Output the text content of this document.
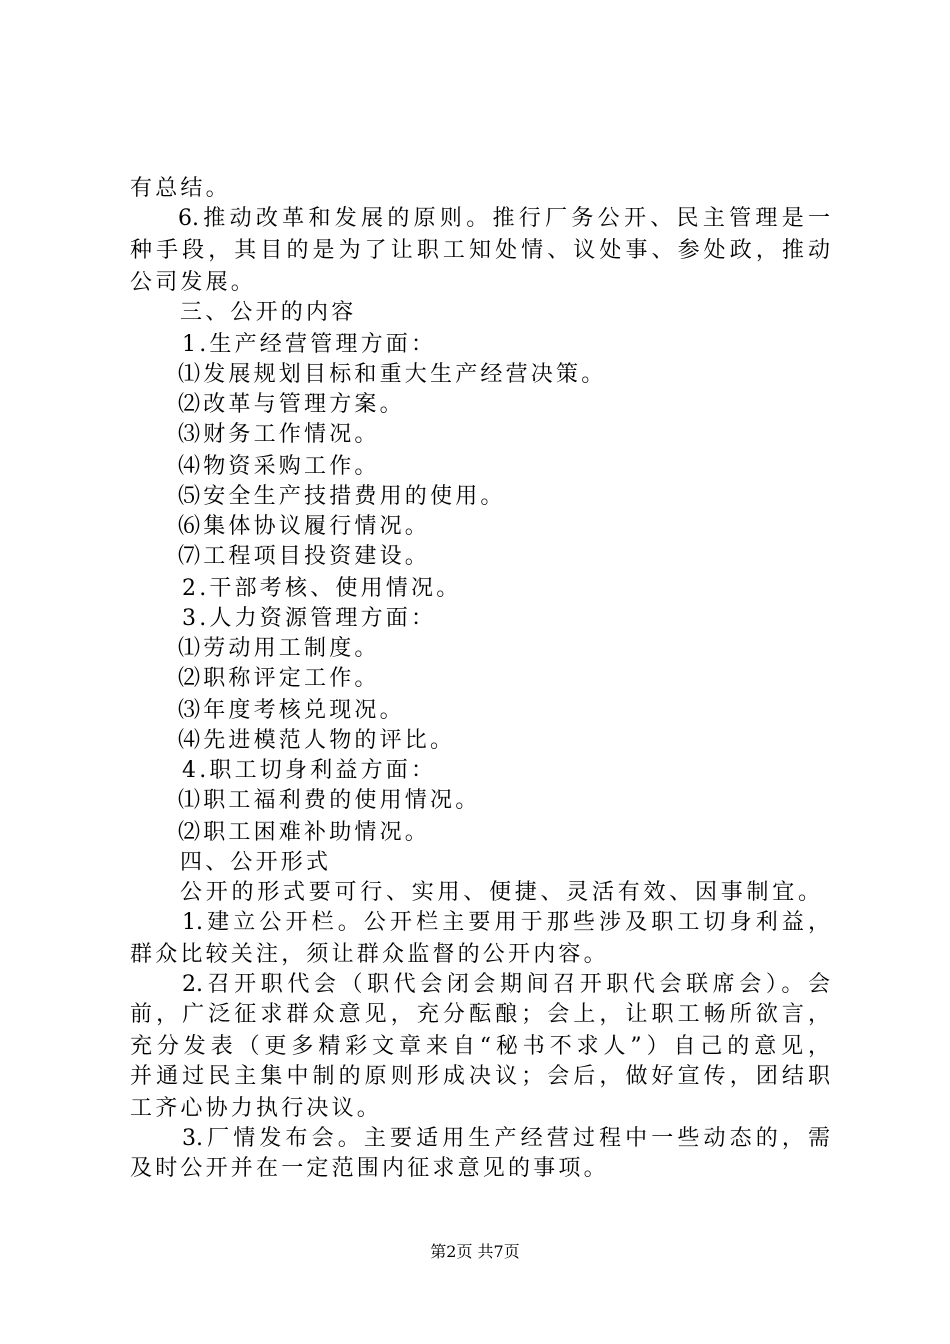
有总结。
6.推动改革和发展的原则。推行厂务公开、民主管理是一
种手段，其目的是为了让职工知处情、议处事、参处政，推动
公司发展。
三、公开的内容
1.生产经营管理方面：
⑴发展规划目标和重大生产经营决策。
⑵改革与管理方案。
⑶财务工作情况。
⑷物资采购工作。
⑸安全生产技措费用的使用。
⑹集体协议履行情况。
⑺工程项目投资建设。
2.干部考核、使用情况。
3.人力资源管理方面：
⑴劳动用工制度。
⑵职称评定工作。
⑶年度考核兑现况。
⑷先进模范人物的评比。
4.职工切身利益方面：
⑴职工福利费的使用情况。
⑵职工困难补助情况。
四、公开形式
公开的形式要可行、实用、便捷、灵活有效、因事制宜。
1.建立公开栏。公开栏主要用于那些涉及职工切身利益，
群众比较关注，须让群众监督的公开内容。
2.召开职代会（职代会闭会期间召开职代会联席会）。会
前，广泛征求群众意见，充分酝酿；会上，让职工畅所欲言，
充分发表（更多精彩文章来自“秘书不求人”）自己的意见，
并通过民主集中制的原则形成决议；会后，做好宣传，团结职
工齐心协力执行决议。
3.厂情发布会。主要适用生产经营过程中一些动态的，需
及时公开并在一定范围内征求意见的事项。
第2页 共7页
